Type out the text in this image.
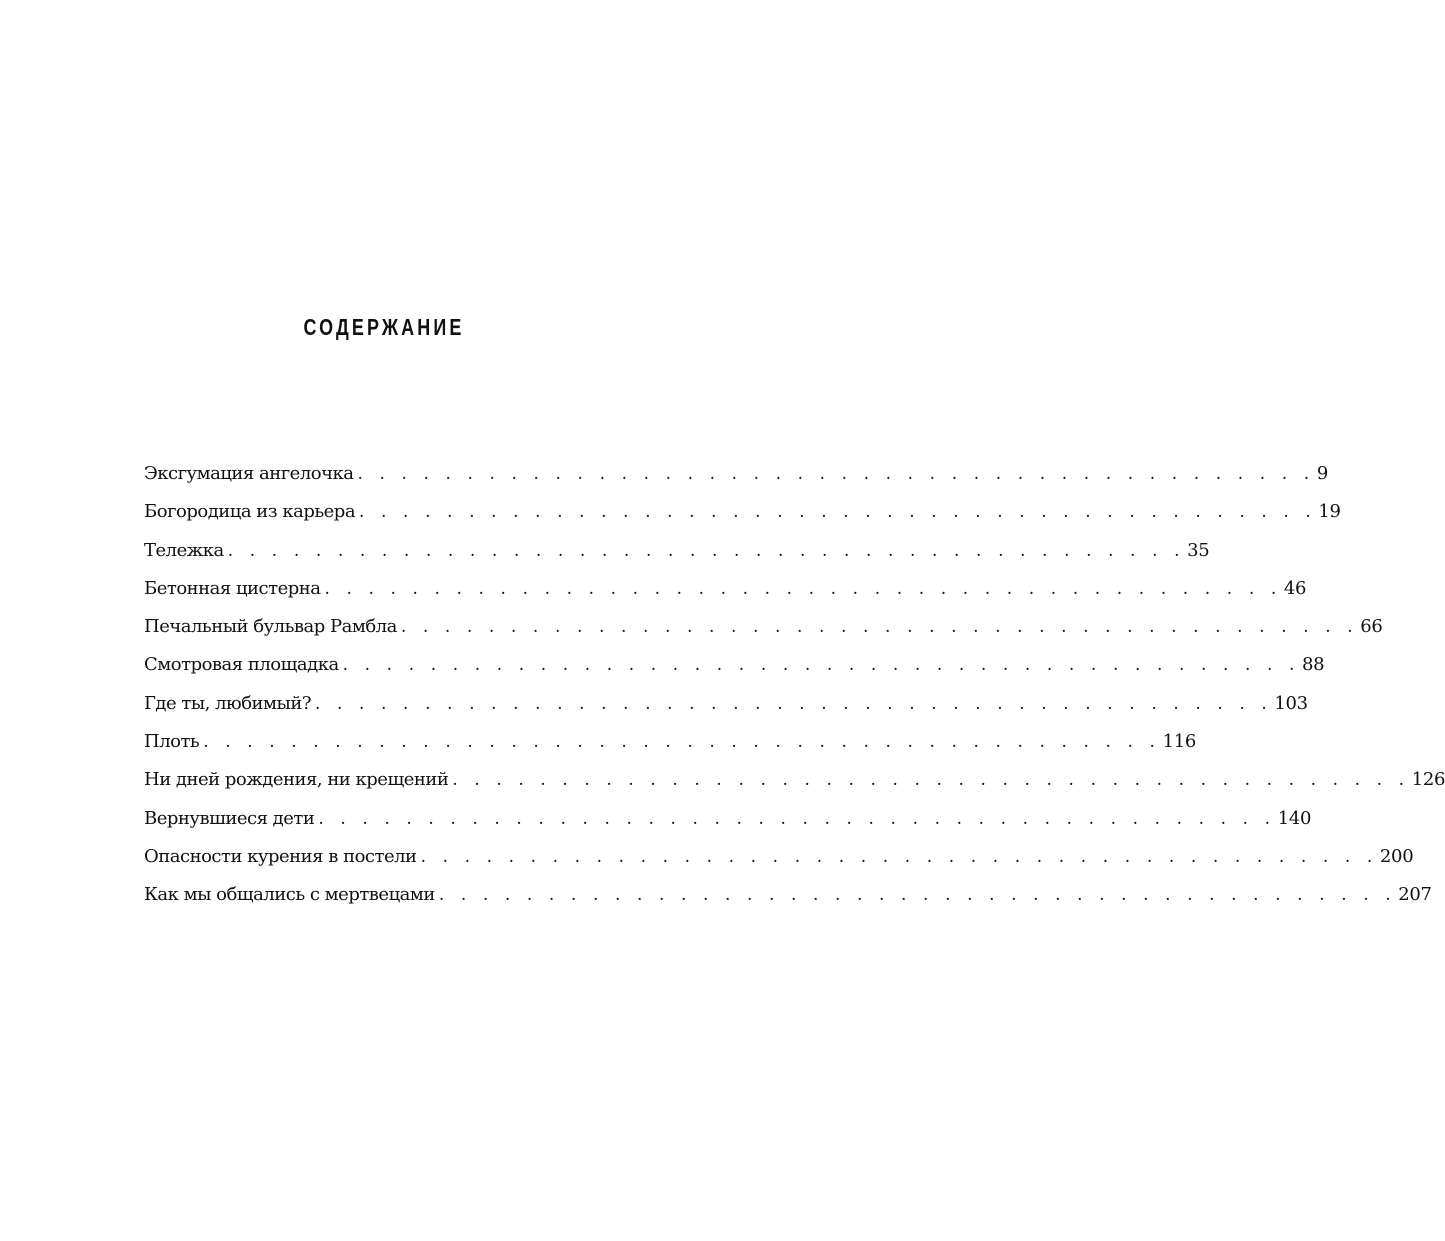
СОДЕРЖАНИЕ
Эксгумация ангелочка . . . . . . . . . . . . . . . . . . . . . . . . . . . . . . . . . . . . . . . . . . . . 9
Богородица из карьера . . . . . . . . . . . . . . . . . . . . . . . . . . . . . . . . . . . . . . . . . . . . 19
Тележка . . . . . . . . . . . . . . . . . . . . . . . . . . . . . . . . . . . . . . . . . . . . 35
Бетонная цистерна . . . . . . . . . . . . . . . . . . . . . . . . . . . . . . . . . . . . . . . . . . . . 46
Печальный бульвар Рамбла . . . . . . . . . . . . . . . . . . . . . . . . . . . . . . . . . . . . . . . . . . . . 66
Смотровая площадка . . . . . . . . . . . . . . . . . . . . . . . . . . . . . . . . . . . . . . . . . . . . 88
Где ты, любимый? . . . . . . . . . . . . . . . . . . . . . . . . . . . . . . . . . . . . . . . . . . . . 103
Плоть . . . . . . . . . . . . . . . . . . . . . . . . . . . . . . . . . . . . . . . . . . . . 116
Ни дней рождения, ни крещений . . . . . . . . . . . . . . . . . . . . . . . . . . . . . . . . . . . . . . . . . . . . 126
Вернувшиеся дети . . . . . . . . . . . . . . . . . . . . . . . . . . . . . . . . . . . . . . . . . . . . 140
Опасности курения в постели . . . . . . . . . . . . . . . . . . . . . . . . . . . . . . . . . . . . . . . . . . . . 200
Как мы общались с мертвецами . . . . . . . . . . . . . . . . . . . . . . . . . . . . . . . . . . . . . . . . . . . . 207
